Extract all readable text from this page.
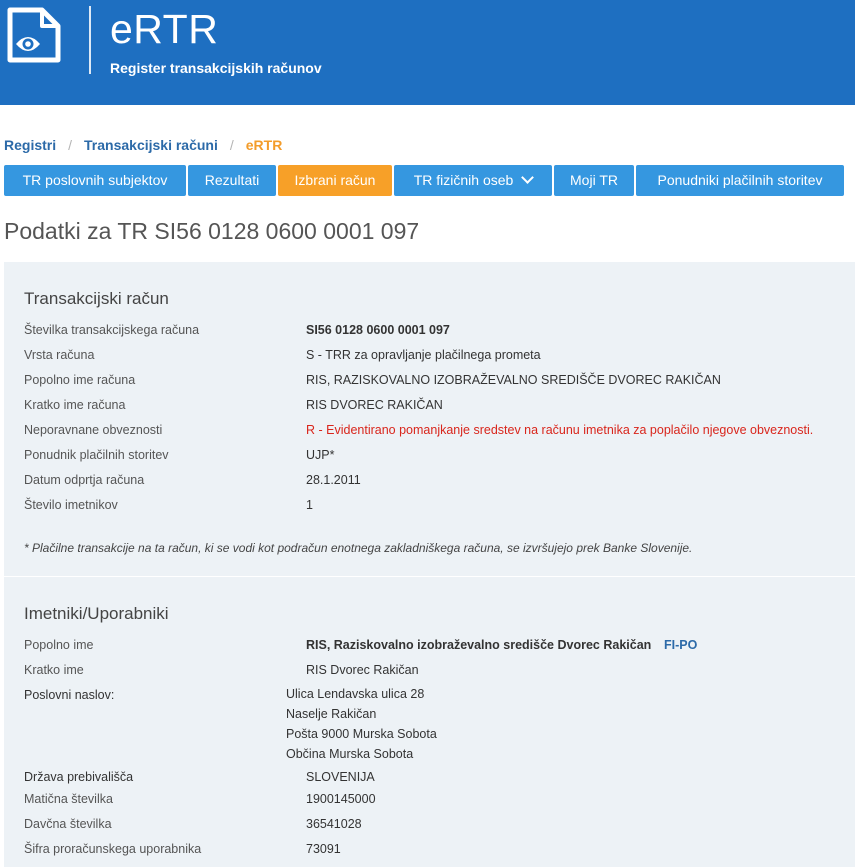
eRTR
Register transakcijskih računov
Registri / Transakcijski računi / eRTR
TR poslovnih subjektov	Rezultati	Izbrani račun	TR fizičnih oseb	Moji TR	Ponudniki plačilnih storitev
Podatki za TR SI56 0128 0600 0001 097
Transakcijski račun
Številka transakcijskega računa	SI56 0128 0600 0001 097
Vrsta računa	S - TRR za opravljanje plačilnega prometa
Popolno ime računa	RIS, RAZISKOVALNO IZOBRAŽEVALNO SREDIŠČE DVOREC RAKIČAN
Kratko ime računa	RIS DVOREC RAKIČAN
Neporavnane obveznosti	R - Evidentirano pomanjkanje sredstev na računu imetnika za poplačilo njegove obveznosti.
Ponudnik plačilnih storitev	UJP*
Datum odprtja računa	28.1.2011
Število imetnikov	1
* Plačilne transakcije na ta račun, ki se vodi kot podračun enotnega zakladniškega računa, se izvršujejo prek Banke Slovenije.
Imetniki/Uporabniki
Popolno ime	RIS, Raziskovalno izobraževalno središče Dvorec Rakičan FI-PO
Kratko ime	RIS Dvorec Rakičan
Poslovni naslov:	Ulica Lendavska ulica 28
Naselje Rakičan
Pošta 9000 Murska Sobota
Občina Murska Sobota
Država prebivališča	SLOVENIJA
Matična številka	1900145000
Davčna številka	36541028
Šifra proračunskega uporabnika	73091
